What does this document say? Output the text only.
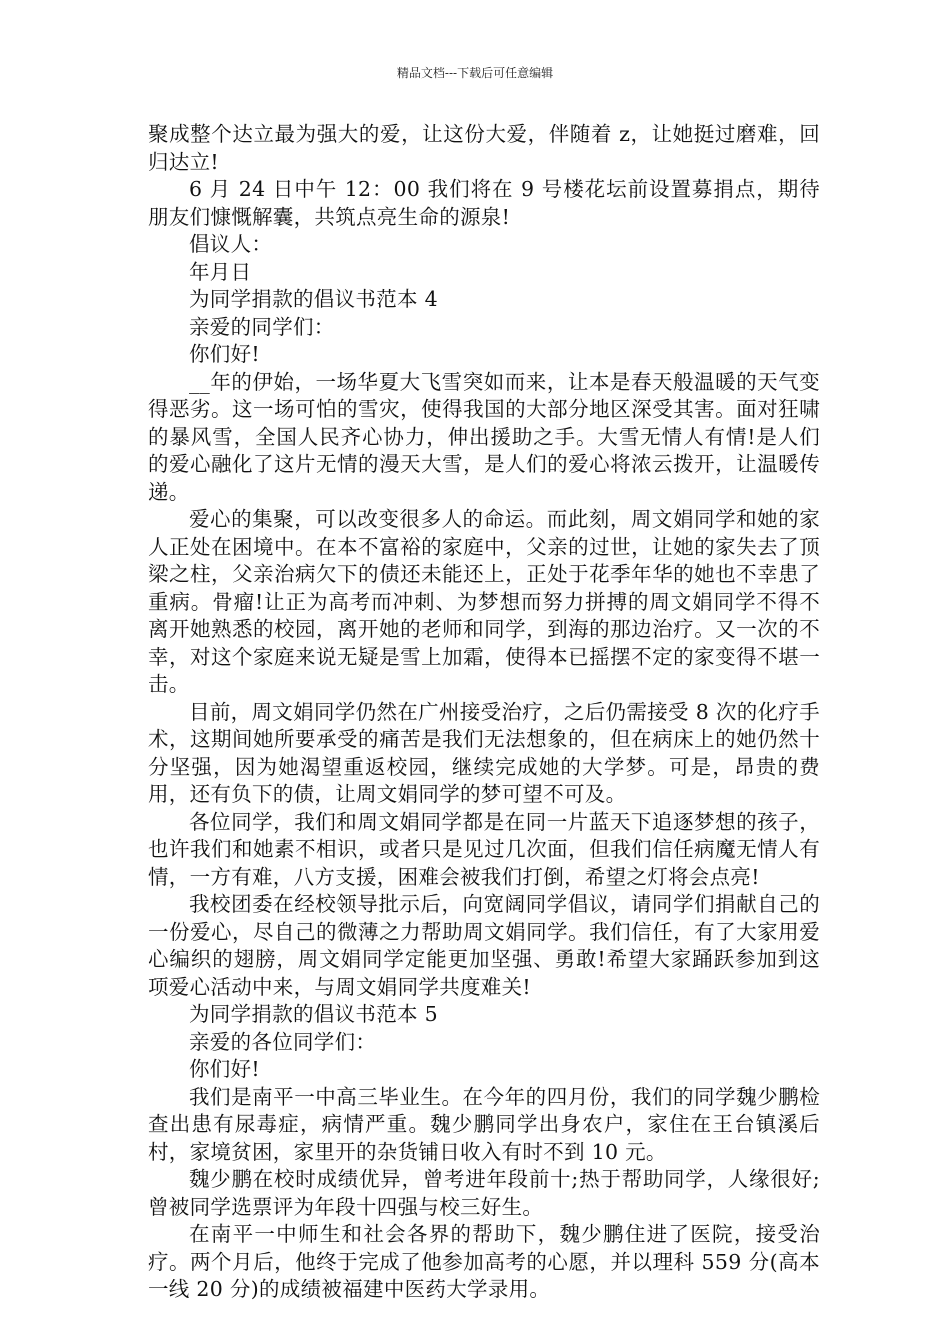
精品文档---下载后可任意编辑

聚成整个达立最为强大的爱，让这份大爱，伴随着 z，让她挺过磨难，回归达立!

6 月 24 日中午 12：00 我们将在 9 号楼花坛前设置募捐点，期待朋友们慷慨解囊，共筑点亮生命的源泉!

倡议人：

年月日

为同学捐款的倡议书范本 4

亲爱的同学们：

你们好!

__年的伊始，一场华夏大飞雪突如而来，让本是春天般温暖的天气变得恶劣。这一场可怕的雪灾，使得我国的大部分地区深受其害。面对狂啸的暴风雪，全国人民齐心协力，伸出援助之手。大雪无情人有情!是人们的爱心融化了这片无情的漫天大雪，是人们的爱心将浓云拨开，让温暖传递。

爱心的集聚，可以改变很多人的命运。而此刻，周文娟同学和她的家人正处在困境中。在本不富裕的家庭中，父亲的过世，让她的家失去了顶梁之柱，父亲治病欠下的债还未能还上，正处于花季年华的她也不幸患了重病。骨瘤!让正为高考而冲刺、为梦想而努力拼搏的周文娟同学不得不离开她熟悉的校园，离开她的老师和同学，到海的那边治疗。又一次的不幸，对这个家庭来说无疑是雪上加霜，使得本已摇摆不定的家变得不堪一击。

目前，周文娟同学仍然在广州接受治疗，之后仍需接受 8 次的化疗手术，这期间她所要承受的痛苦是我们无法想象的，但在病床上的她仍然十分坚强，因为她渴望重返校园，继续完成她的大学梦。可是，昂贵的费用，还有负下的债，让周文娟同学的梦可望不可及。

各位同学，我们和周文娟同学都是在同一片蓝天下追逐梦想的孩子，也许我们和她素不相识，或者只是见过几次面，但我们信任病魔无情人有情，一方有难，八方支援，困难会被我们打倒，希望之灯将会点亮!

我校团委在经校领导批示后，向宽阔同学倡议，请同学们捐献自己的一份爱心，尽自己的微薄之力帮助周文娟同学。我们信任，有了大家用爱心编织的翅膀，周文娟同学定能更加坚强、勇敢!希望大家踊跃参加到这项爱心活动中来，与周文娟同学共度难关!

为同学捐款的倡议书范本 5

亲爱的各位同学们：

你们好!

我们是南平一中高三毕业生。在今年的四月份，我们的同学魏少鹏检查出患有尿毒症，病情严重。魏少鹏同学出身农户，家住在王台镇溪后村，家境贫困，家里开的杂货铺日收入有时不到 10 元。

魏少鹏在校时成绩优异，曾考进年段前十;热于帮助同学，人缘很好;曾被同学选票评为年段十四强与校三好生。

在南平一中师生和社会各界的帮助下，魏少鹏住进了医院，接受治疗。两个月后，他终于完成了他参加高考的心愿，并以理科 559 分(高本一线 20 分)的成绩被福建中医药大学录用。
